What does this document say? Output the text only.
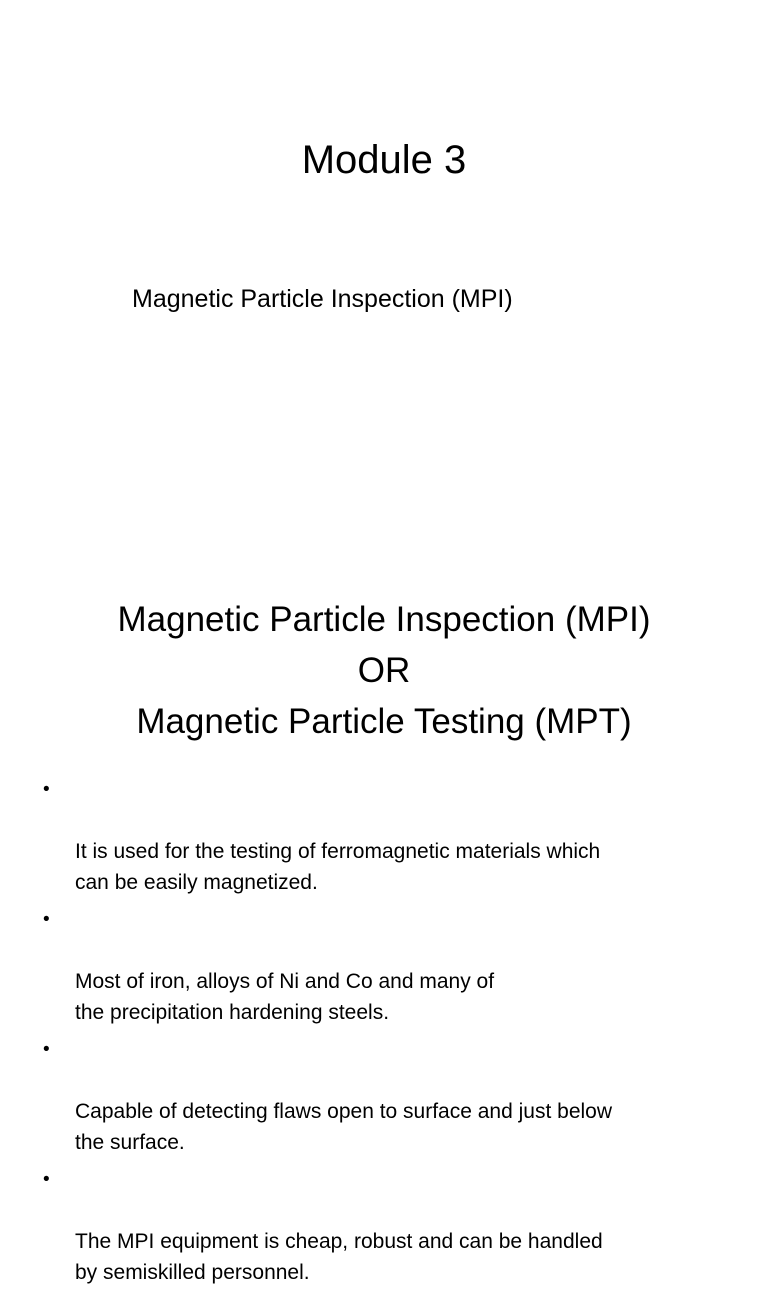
Module 3

Magnetic Particle Inspection (MPI)

Magnetic Particle Inspection (MPI)
OR
Magnetic Particle Testing (MPT)

•

It is used for the testing of ferromagnetic materials which
can be easily magnetized.

•

Most of iron, alloys of Ni and Co and many of
the precipitation hardening steels.

•

Capable of detecting flaws open to surface and just below
the surface.

•

The MPI equipment is cheap, robust and can be handled
by semiskilled personnel.
